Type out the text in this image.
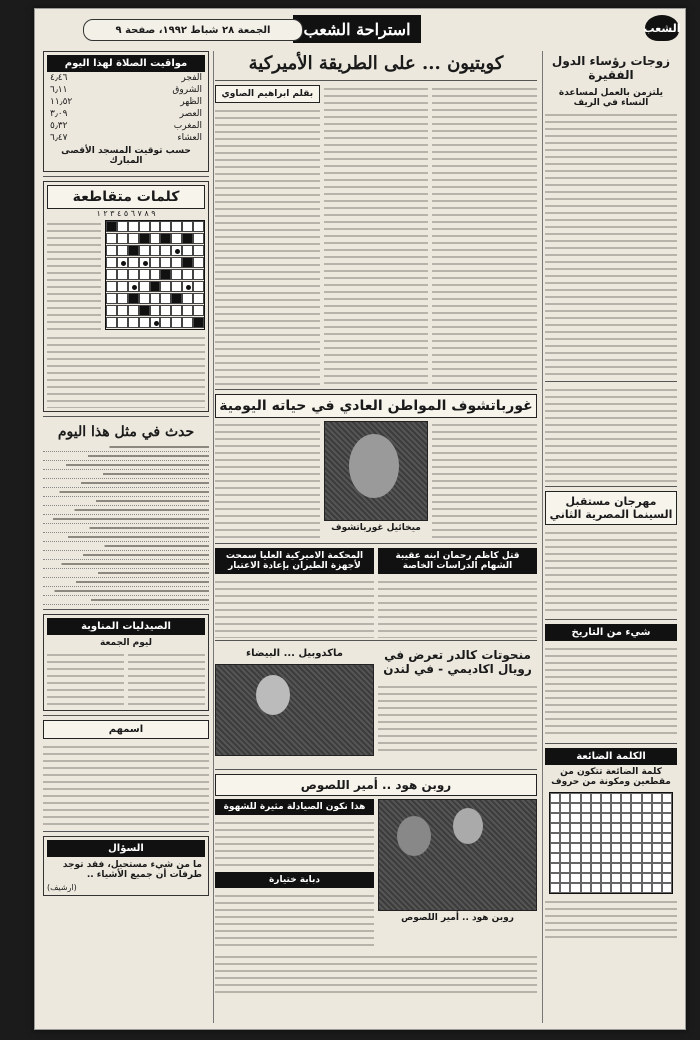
الشعب
استراحة الشعب
الجمعة ٢٨ شباط ١٩٩٢، صفحة ٩
زوجات رؤساء الدول الفقيرة
يلتزمن بالعمل لمساعدة النساء في الريف
مهرجان مستقبل السينما المصرية الثاني
شيء من التاريخ
الكلمة الضائعة
كلمة الضائعة تتكون من مقطعين ومكونة من حروف
كويتيون ... على الطريقة الأميركية
بقلم ابراهيم الصاوي
غورباتشوف المواطن العادي في حياته اليومية
ميخائيل غورباتشوف
قتل كاظم رحمان ابنه عقيبة الشهام الدراسات الخاصة
المحكمة الاميركية العليا سمحت لأجهزة الطيران بإعادة الاعتبار
منحوتات كالدر تعرض في رويال اكاديمي - في لندن
ماكدوبيل ... البيضاء
روبن هود .. أمير اللصوص
روبن هود .. أمير اللصوص
هذا نكون الصيادلة مثيرة للشهوة
دبابة ختيارة
مواقيت الصلاة لهذا اليوم
الفجر	٤٫٤٦
الشروق	٦٫١١
الظهر	١١٫٥٢
العصر	٣٫٠٩
المغرب	٥٫٣٢
العشاء	٦٫٤٧
حسب توقيت المسجد الأقصى المبارك
كلمات متقاطعة
٩ ٨ ٧ ٦ ٥ ٤ ٣ ٢ ١
حدث في مثل هذا اليوم
الصيدليات المناوبة
ليوم الجمعة
اسمهم
السؤال
ما من شيء مستحيل، فقد توجد طرفات أن جميع الأشياء ..
(ارشيف)
